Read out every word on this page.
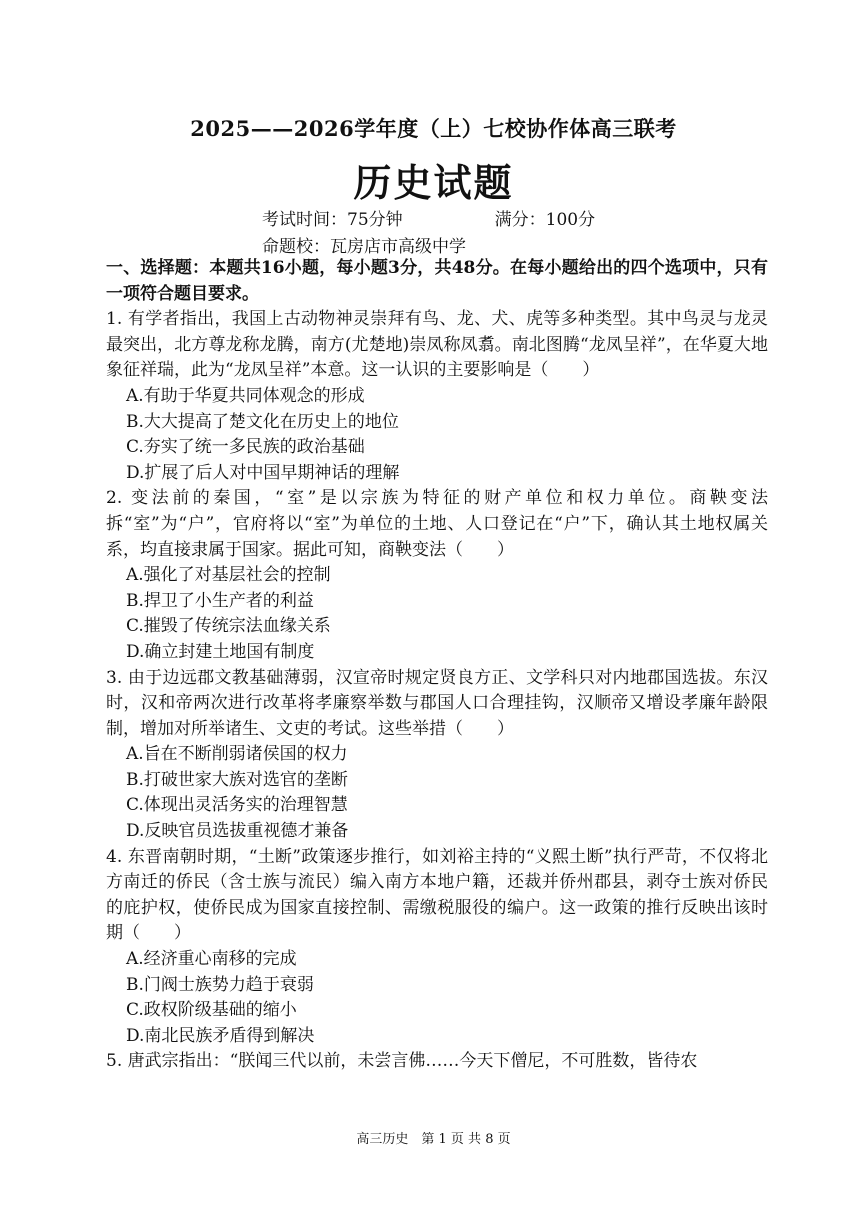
2025——2026学年度（上）七校协作体高三联考
历史试题
考试时间：75分钟	满分：100分
命题校：瓦房店市高级中学
一、选择题：本题共16小题，每小题3分，共48分。在每小题给出的四个选项中，只有一项符合题目要求。
1. 有学者指出，我国上古动物神灵崇拜有鸟、龙、犬、虎等多种类型。其中鸟灵与龙灵最突出，北方尊龙称龙腾，南方(尤楚地)崇凤称凤翥。南北图腾“龙凤呈祥”，在华夏大地象征祥瑞，此为“龙凤呈祥”本意。这一认识的主要影响是（　　）
A.有助于华夏共同体观念的形成
B.大大提高了楚文化在历史上的地位
C.夯实了统一多民族的政治基础
D.扩展了后人对中国早期神话的理解
2. 变法前的秦国，“室”是以宗族为特征的财产单位和权力单位。商鞅变法拆“室”为“户”，官府将以“室”为单位的土地、人口登记在“户”下，确认其土地权属关系，均直接隶属于国家。据此可知，商鞅变法（　　）
A.强化了对基层社会的控制
B.捍卫了小生产者的利益
C.摧毁了传统宗法血缘关系
D.确立封建土地国有制度
3. 由于边远郡文教基础薄弱，汉宣帝时规定贤良方正、文学科只对内地郡国选拔。东汉时，汉和帝两次进行改革将孝廉察举数与郡国人口合理挂钩，汉顺帝又增设孝廉年龄限制，增加对所举诸生、文吏的考试。这些举措（　　）
A.旨在不断削弱诸侯国的权力
B.打破世家大族对选官的垄断
C.体现出灵活务实的治理智慧
D.反映官员选拔重视德才兼备
4. 东晋南朝时期，“土断”政策逐步推行，如刘裕主持的“义熙土断”执行严苛，不仅将北方南迁的侨民（含士族与流民）编入南方本地户籍，还裁并侨州郡县，剥夺士族对侨民的庇护权，使侨民成为国家直接控制、需缴税服役的编户。这一政策的推行反映出该时期（　　）
A.经济重心南移的完成
B.门阀士族势力趋于衰弱
C.政权阶级基础的缩小
D.南北民族矛盾得到解决
5. 唐武宗指出：“朕闻三代以前，未尝言佛……今天下僧尼，不可胜数，皆待农
高三历史　第 1 页 共 8 页
